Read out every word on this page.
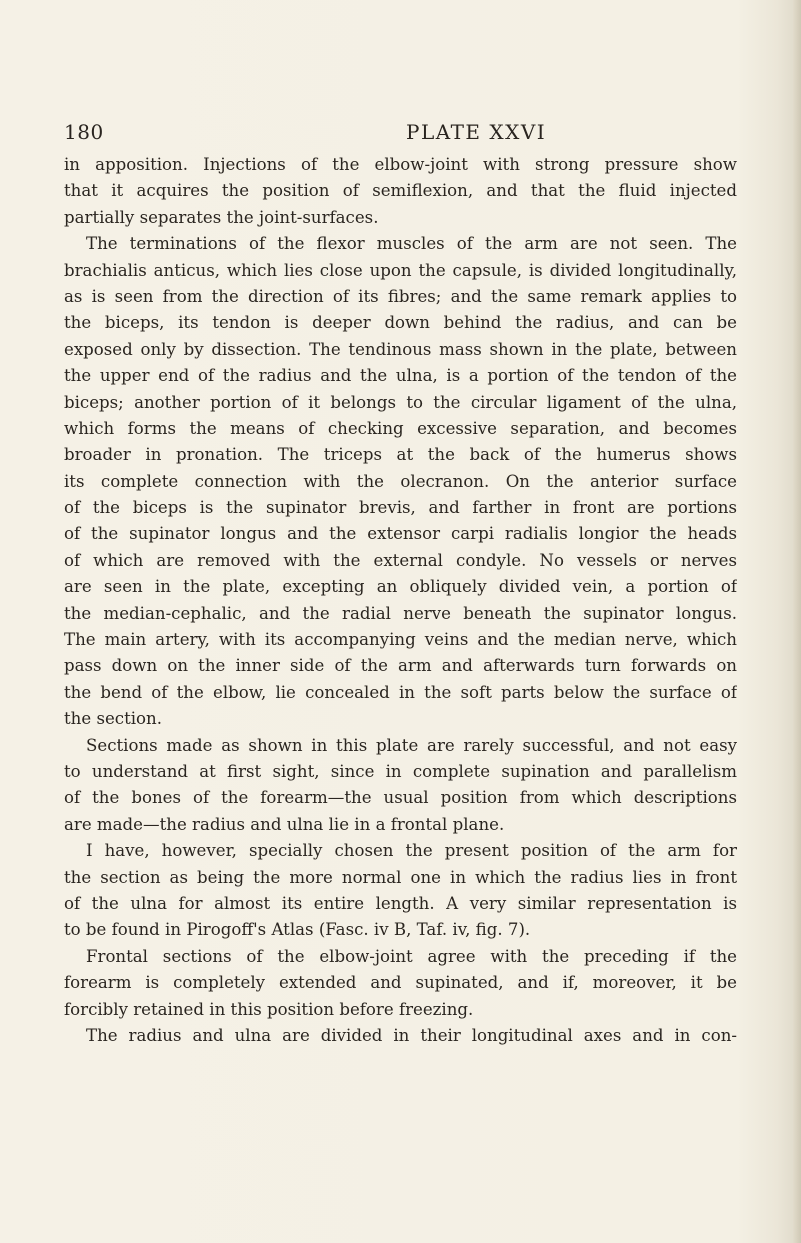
180	PLATE XXVI
in apposition. Injections of the elbow-joint with strong pressure show
that it acquires the position of semiflexion, and that the fluid injected
partially separates the joint-surfaces.
The terminations of the flexor muscles of the arm are not seen. The
brachialis anticus, which lies close upon the capsule, is divided longitudinally,
as is seen from the direction of its fibres; and the same remark applies to
the biceps, its tendon is deeper down behind the radius, and can be
exposed only by dissection. The tendinous mass shown in the plate, between
the upper end of the radius and the ulna, is a portion of the tendon of the
biceps; another portion of it belongs to the circular ligament of the ulna,
which forms the means of checking excessive separation, and becomes
broader in pronation. The triceps at the back of the humerus shows
its complete connection with the olecranon. On the anterior surface
of the biceps is the supinator brevis, and farther in front are portions
of the supinator longus and the extensor carpi radialis longior the heads
of which are removed with the external condyle. No vessels or nerves
are seen in the plate, excepting an obliquely divided vein, a portion of
the median-cephalic, and the radial nerve beneath the supinator longus.
The main artery, with its accompanying veins and the median nerve, which
pass down on the inner side of the arm and afterwards turn forwards on
the bend of the elbow, lie concealed in the soft parts below the surface of
the section.
Sections made as shown in this plate are rarely successful, and not easy
to understand at first sight, since in complete supination and parallelism
of the bones of the forearm—the usual position from which descriptions
are made—the radius and ulna lie in a frontal plane.
I have, however, specially chosen the present position of the arm for
the section as being the more normal one in which the radius lies in front
of the ulna for almost its entire length. A very similar representation is
to be found in Pirogoff's Atlas (Fasc. iv B, Taf. iv, fig. 7).
Frontal sections of the elbow-joint agree with the preceding if the
forearm is completely extended and supinated, and if, moreover, it be
forcibly retained in this position before freezing.
The radius and ulna are divided in their longitudinal axes and in con-
